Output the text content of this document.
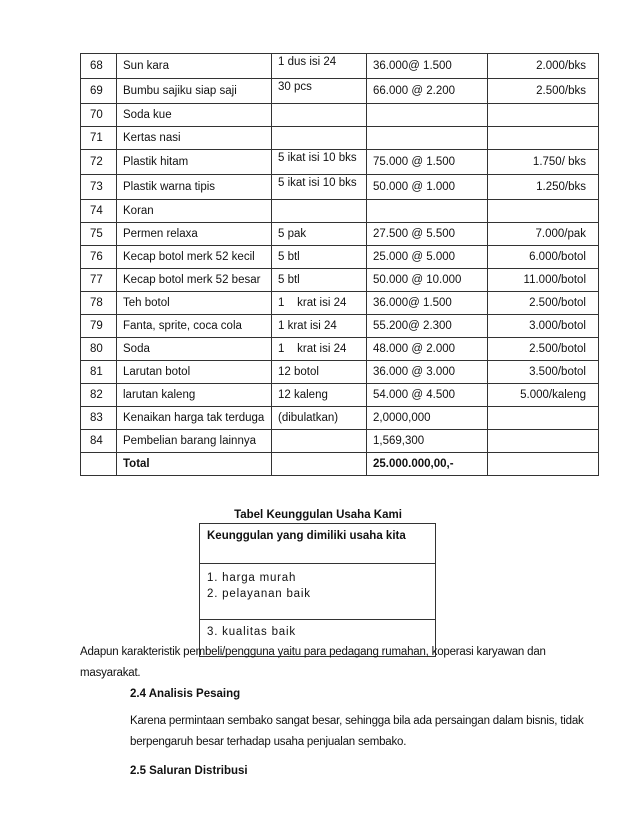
68	Sun kara	1 dus isi 24	36.000@ 1.500	2.000/bks
69	Bumbu sajiku siap saji	30 pcs	66.000 @ 2.200	2.500/bks
70	Soda kue			
71	Kertas nasi			
72	Plastik hitam	5 ikat isi 10 bks	75.000 @ 1.500	1.750/ bks
73	Plastik warna tipis	5 ikat isi 10 bks	50.000 @ 1.000	1.250/bks
74	Koran			
75	Permen relaxa	5 pak	27.500 @ 5.500	7.000/pak
76	Kecap botol merk 52 kecil	5 btl	25.000 @ 5.000	6.000/botol
77	Kecap botol merk 52 besar	5 btl	50.000 @ 10.000	11.000/botol
78	Teh botol	1    krat isi 24	36.000@ 1.500	2.500/botol
79	Fanta, sprite, coca cola	1 krat isi 24	55.200@ 2.300	3.000/botol
80	Soda	1    krat isi 24	48.000 @ 2.000	2.500/botol
81	Larutan botol	12 botol	36.000 @ 3.000	3.500/botol
82	larutan kaleng	12 kaleng	54.000 @ 4.500	5.000/kaleng
83	Kenaikan harga tak terduga	(dibulatkan)	2,0000,000	
84	Pembelian barang lainnya		1,569,300	
	Total		25.000.000,00,-	
Tabel Keunggulan Usaha Kami
Keunggulan yang dimiliki usaha kita

1. harga murah
2. pelayanan baik

3. kualitas baik
Adapun karakteristik pembeli/pengguna yaitu para pedagang rumahan, koperasi karyawan dan masyarakat.
2.4 Analisis Pesaing
Karena permintaan sembako sangat besar, sehingga bila ada persaingan dalam bisnis, tidak berpengaruh besar terhadap usaha penjualan sembako.
2.5 Saluran Distribusi
